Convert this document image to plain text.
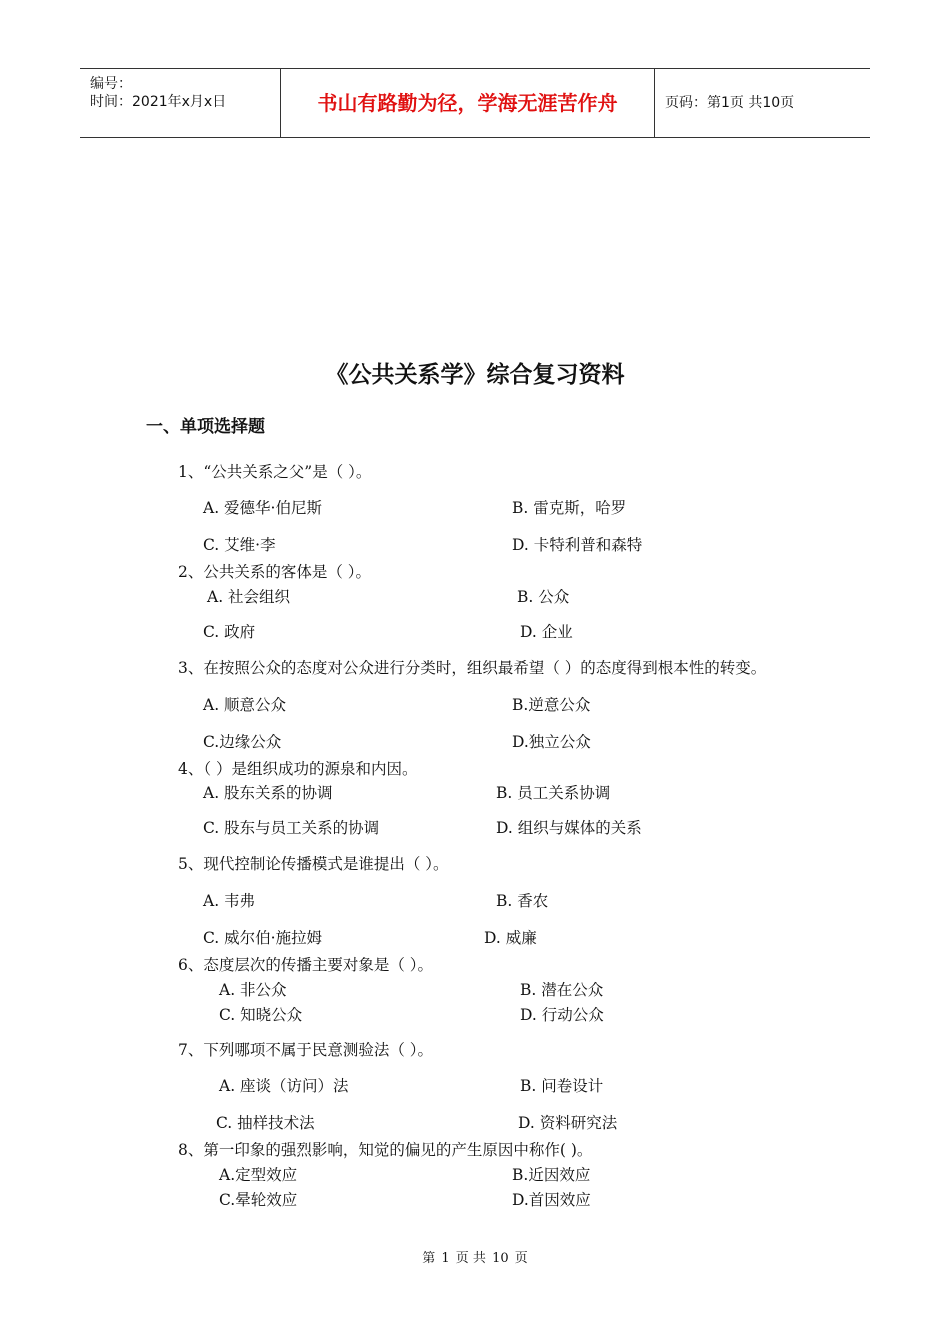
编号：
时间：2021年x月x日	书山有路勤为径，学海无涯苦作舟	页码：第1页 共10页
《公共关系学》综合复习资料
一、单项选择题
1、“公共关系之父”是（ ）。
A. 爱德华·伯尼斯	B. 雷克斯，哈罗
C. 艾维·李	D. 卡特利普和森特
2、公共关系的客体是（ ）。
A. 社会组织	B. 公众
C. 政府	D. 企业
3、在按照公众的态度对公众进行分类时，组织最希望（ ）的态度得到根本性的转变。
A. 顺意公众	B.逆意公众
C.边缘公众	D.独立公众
4、（ ）是组织成功的源泉和内因。
A. 股东关系的协调	B. 员工关系协调
C. 股东与员工关系的协调	D. 组织与媒体的关系
5、现代控制论传播模式是谁提出（ ）。
A. 韦弗	B. 香农
C. 威尔伯·施拉姆	D. 威廉
6、态度层次的传播主要对象是（ ）。
A. 非公众	B. 潜在公众
C. 知晓公众	D. 行动公众
7、下列哪项不属于民意测验法（ ）。
A. 座谈（访问）法	B. 问卷设计
C. 抽样技术法	D. 资料研究法
8、第一印象的强烈影响，知觉的偏见的产生原因中称作( )。
A.定型效应	B.近因效应
C.晕轮效应	D.首因效应
第 1 页 共 10 页
